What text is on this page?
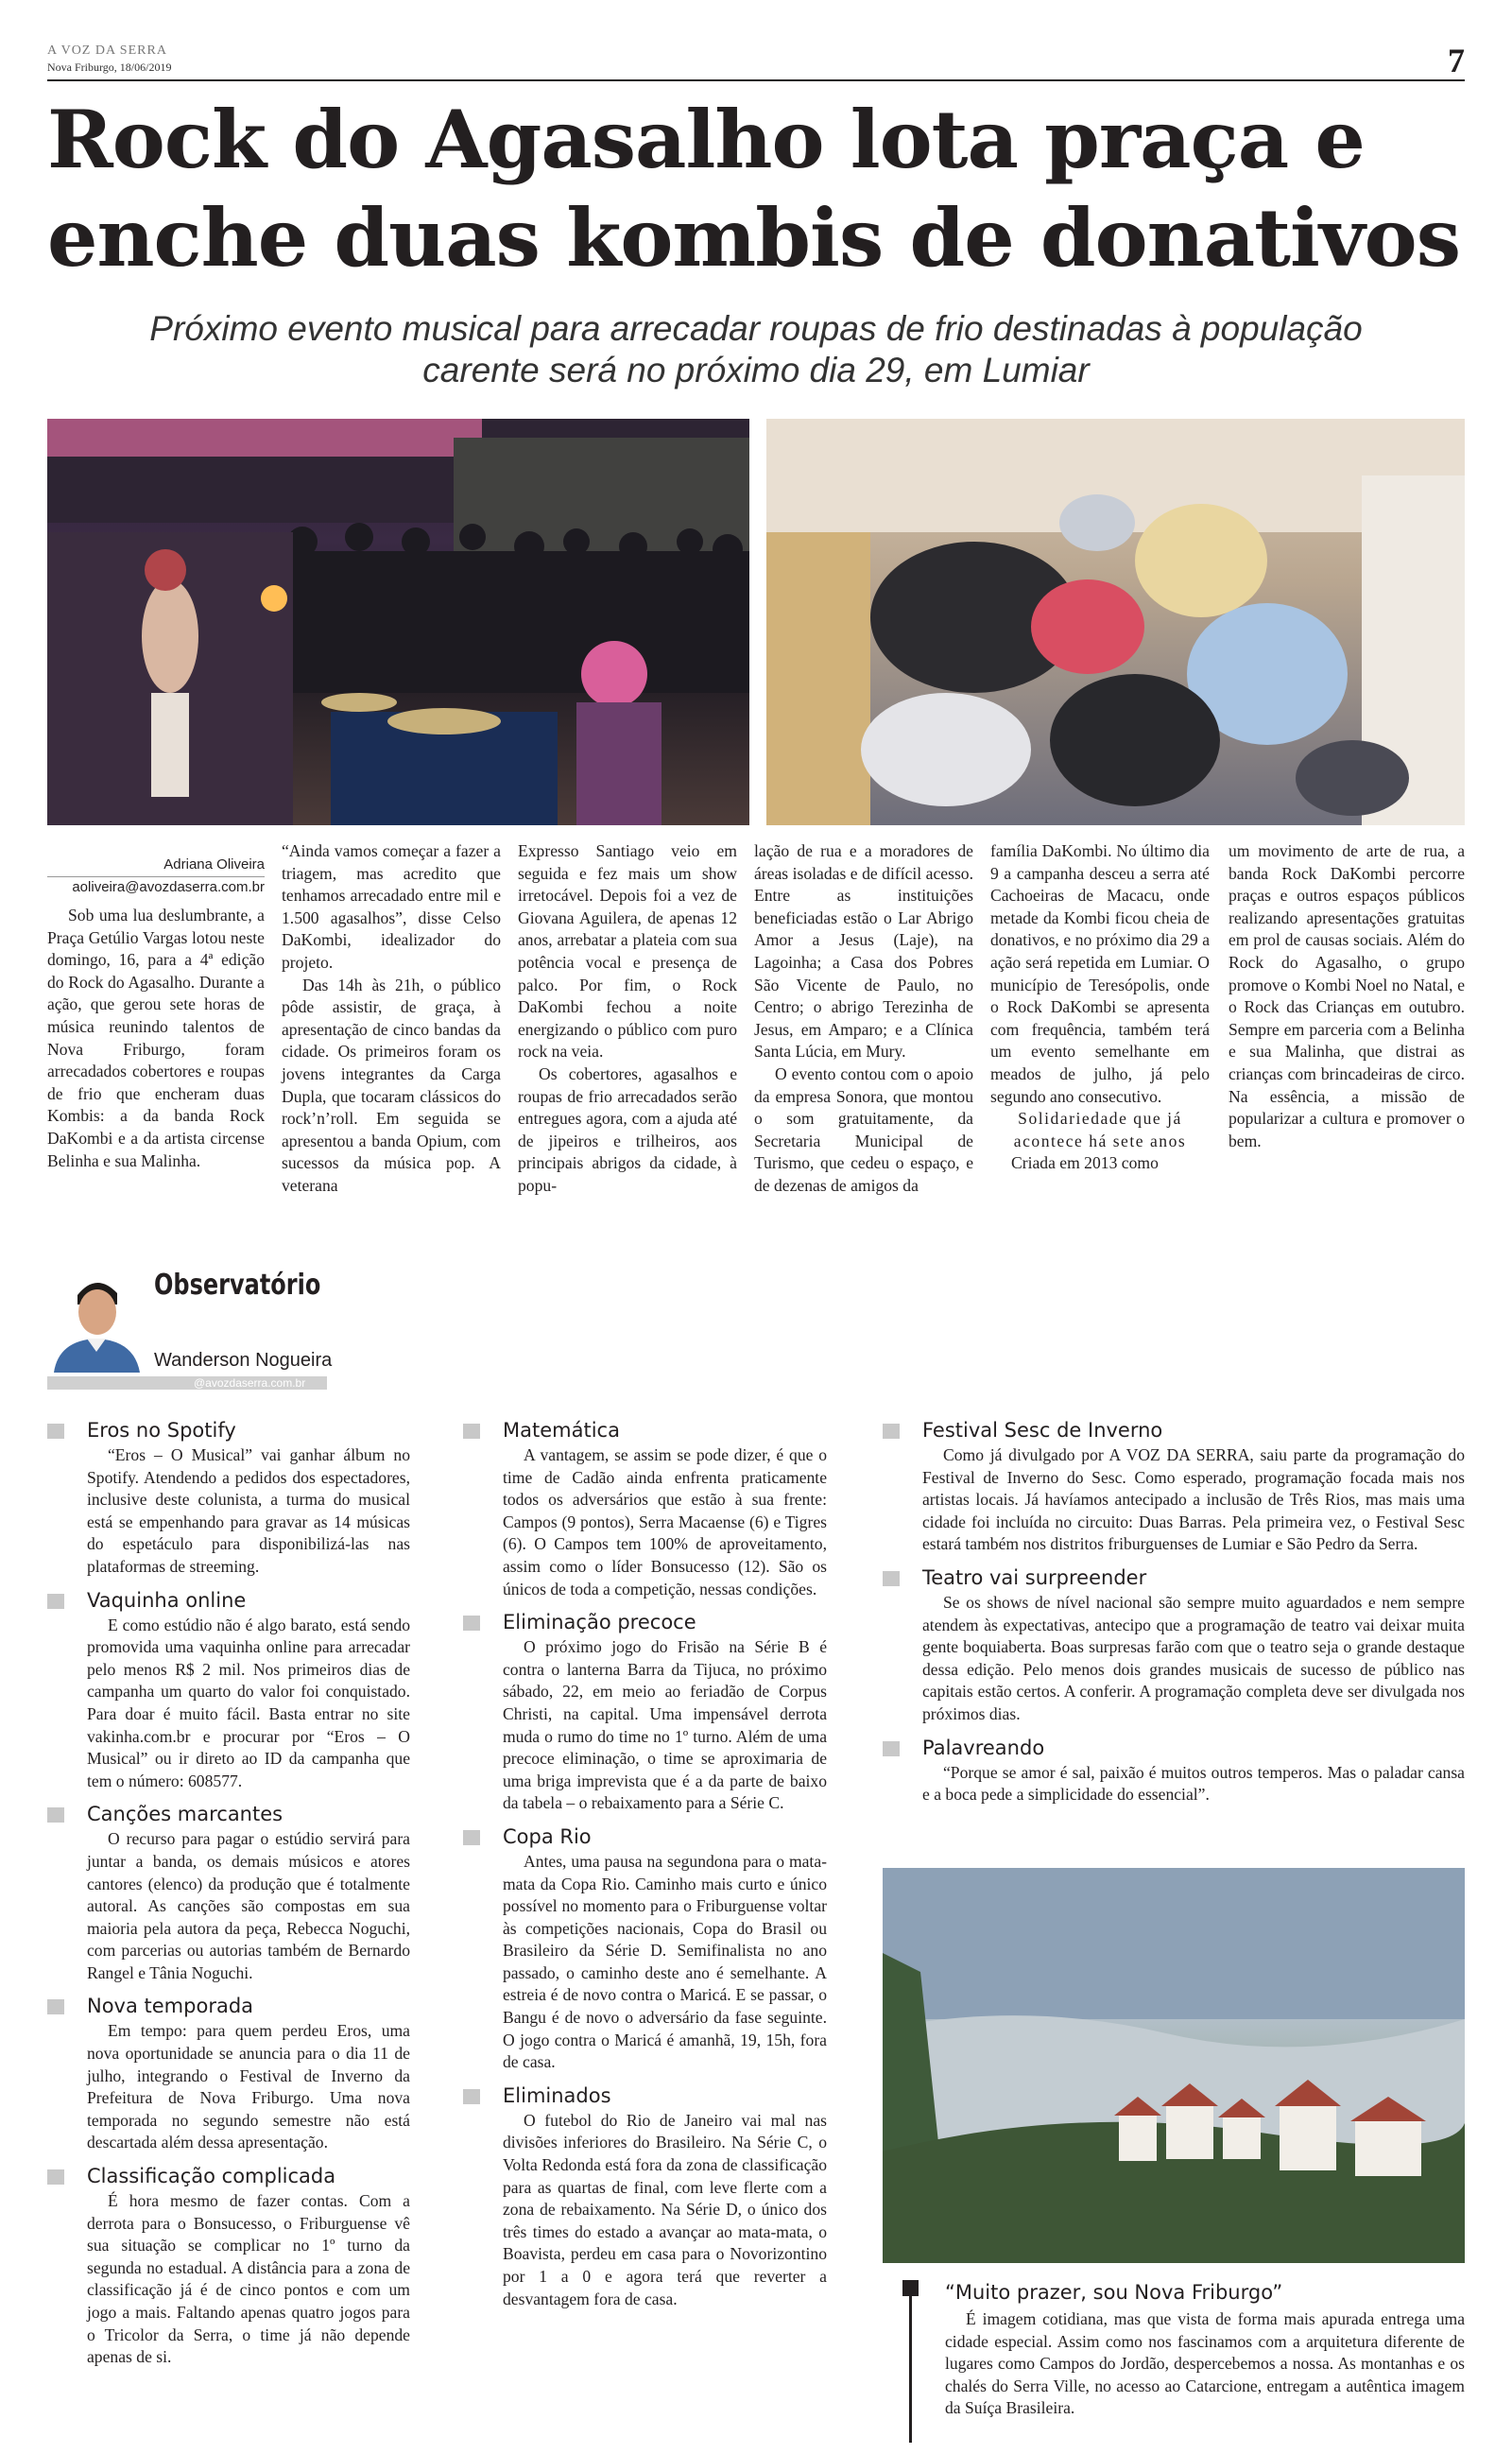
A VOZ DA SERRA
Nova Friburgo, 18/06/2019	7
Rock do Agasalho lota praça e enche duas kombis de donativos
Próximo evento musical para arrecadar roupas de frio destinadas à população carente será no próximo dia 29, em Lumiar
Adriana Oliveira
aoliveira@avozdaserra.com.br

Sob uma lua deslumbrante, a Praça Getúlio Vargas lotou neste domingo, 16, para a 4ª edição do Rock do Agasalho. Durante a ação, que gerou sete horas de música reunindo talentos de Nova Friburgo, foram arrecadados cobertores e roupas de frio que encheram duas Kombis: a da banda Rock DaKombi e a da artista circense Belinha e sua Malinha.

“Ainda vamos começar a fazer a triagem, mas acredito que tenhamos arrecadado entre mil e 1.500 agasalhos”, disse Celso DaKombi, idealizador do projeto.

Das 14h às 21h, o público pôde assistir, de graça, à apresentação de cinco bandas da cidade. Os primeiros foram os jovens integrantes da Carga Dupla, que tocaram clássicos do rock’n’roll. Em seguida se apresentou a banda Opium, com sucessos da música pop. A veterana

Expresso Santiago veio em seguida e fez mais um show irretocável. Depois foi a vez de Giovana Aguilera, de apenas 12 anos, arrebatar a plateia com sua potência vocal e presença de palco. Por fim, o Rock DaKombi fechou a noite energizando o público com puro rock na veia.

Os cobertores, agasalhos e roupas de frio arrecadados serão entregues agora, com a ajuda até de jipeiros e trilheiros, aos principais abrigos da cidade, à popu-

lação de rua e a moradores de áreas isoladas e de difícil acesso. Entre as instituições beneficiadas estão o Lar Abrigo Amor a Jesus (Laje), na Lagoinha; a Casa dos Pobres São Vicente de Paulo, no Centro; o abrigo Terezinha de Jesus, em Amparo; e a Clínica Santa Lúcia, em Mury.

O evento contou com o apoio da empresa Sonora, que montou o som gratuitamente, da Secretaria Municipal de Turismo, que cedeu o espaço, e de dezenas de amigos da

família DaKombi. No último dia 9 a campanha desceu a serra até Cachoeiras de Macacu, onde metade da Kombi ficou cheia de donativos, e no próximo dia 29 a ação será repetida em Lumiar. O município de Teresópolis, onde o Rock DaKombi se apresenta com frequência, também terá um evento semelhante em meados de julho, já pelo segundo ano consecutivo.

Solidariedade que já acontece há sete anos

Criada em 2013 como

um movimento de arte de rua, a banda Rock DaKombi percorre praças e outros espaços públicos realizando apresentações gratuitas em prol de causas sociais. Além do Rock do Agasalho, o grupo promove o Kombi Noel no Natal, e o Rock das Crianças em outubro. Sempre em parceria com a Belinha e sua Malinha, que distrai as crianças com brincadeiras de circo. Na essência, a missão de popularizar a cultura e promover o bem.

Observatório
Wanderson Nogueira
@avozdaserra.com.br
Eros no Spotify
“Eros – O Musical” vai ganhar álbum no Spotify. Atendendo a pedidos dos espectadores, inclusive deste colunista, a turma do musical está se empenhando para gravar as 14 músicas do espetáculo para disponibilizá-las nas plataformas de streeming.
Vaquinha online
E como estúdio não é algo barato, está sendo promovida uma vaquinha online para arrecadar pelo menos R$ 2 mil. Nos primeiros dias de campanha um quarto do valor foi conquistado. Para doar é muito fácil. Basta entrar no site vakinha.com.br e procurar por “Eros – O Musical” ou ir direto ao ID da campanha que tem o número: 608577.
Canções marcantes
O recurso para pagar o estúdio servirá para juntar a banda, os demais músicos e atores cantores (elenco) da produção que é totalmente autoral. As canções são compostas em sua maioria pela autora da peça, Rebecca Noguchi, com parcerias ou autorias também de Bernardo Rangel e Tânia Noguchi.
Nova temporada
Em tempo: para quem perdeu Eros, uma nova oportunidade se anuncia para o dia 11 de julho, integrando o Festival de Inverno da Prefeitura de Nova Friburgo. Uma nova temporada no segundo semestre não está descartada além dessa apresentação.
Classificação complicada
É hora mesmo de fazer contas. Com a derrota para o Bonsucesso, o Friburguense vê sua situação se complicar no 1º turno da segunda no estadual. A distância para a zona de classificação já é de cinco pontos e com um jogo a mais. Faltando apenas quatro jogos para o Tricolor da Serra, o time já não depende apenas de si.
Matemática
A vantagem, se assim se pode dizer, é que o time de Cadão ainda enfrenta praticamente todos os adversários que estão à sua frente: Campos (9 pontos), Serra Macaense (6) e Tigres (6). O Campos tem 100% de aproveitamento, assim como o líder Bonsucesso (12). São os únicos de toda a competição, nessas condições.
Eliminação precoce
O próximo jogo do Frisão na Série B é contra o lanterna Barra da Tijuca, no próximo sábado, 22, em meio ao feriadão de Corpus Christi, na capital. Uma impensável derrota muda o rumo do time no 1º turno. Além de uma precoce eliminação, o time se aproximaria de uma briga imprevista que é a da parte de baixo da tabela – o rebaixamento para a Série C.
Copa Rio
Antes, uma pausa na segundona para o mata-mata da Copa Rio. Caminho mais curto e único possível no momento para o Friburguense voltar às competições nacionais, Copa do Brasil ou Brasileiro da Série D. Semifinalista no ano passado, o caminho deste ano é semelhante. A estreia é de novo contra o Maricá. E se passar, o Bangu é de novo o adversário da fase seguinte. O jogo contra o Maricá é amanhã, 19, 15h, fora de casa.
Eliminados
O futebol do Rio de Janeiro vai mal nas divisões inferiores do Brasileiro. Na Série C, o Volta Redonda está fora da zona de classificação para as quartas de final, com leve flerte com a zona de rebaixamento. Na Série D, o único dos três times do estado a avançar ao mata-mata, o Boavista, perdeu em casa para o Novorizontino por 1 a 0 e agora terá que reverter a desvantagem fora de casa.
Festival Sesc de Inverno
Como já divulgado por A VOZ DA SERRA, saiu parte da programação do Festival de Inverno do Sesc. Como esperado, programação focada mais nos artistas locais. Já havíamos antecipado a inclusão de Três Rios, mas mais uma cidade foi incluída no circuito: Duas Barras. Pela primeira vez, o Festival Sesc estará também nos distritos friburguenses de Lumiar e São Pedro da Serra.
Teatro vai surpreender
Se os shows de nível nacional são sempre muito aguardados e nem sempre atendem às expectativas, antecipo que a programação de teatro vai deixar muita gente boquiaberta. Boas surpresas farão com que o teatro seja o grande destaque dessa edição. Pelo menos dois grandes musicais de sucesso de público nas capitais estão certos. A conferir. A programação completa deve ser divulgada nos próximos dias.
Palavreando
“Porque se amor é sal, paixão é muitos outros temperos. Mas o paladar cansa e a boca pede a simplicidade do essencial”.
“Muito prazer, sou Nova Friburgo”
É imagem cotidiana, mas que vista de forma mais apurada entrega uma cidade especial. Assim como nos fascinamos com a arquitetura diferente de lugares como Campos do Jordão, despercebemos a nossa. As montanhas e os chalés do Serra Ville, no acesso ao Catarcione, entregam a autêntica imagem da Suíça Brasileira.
